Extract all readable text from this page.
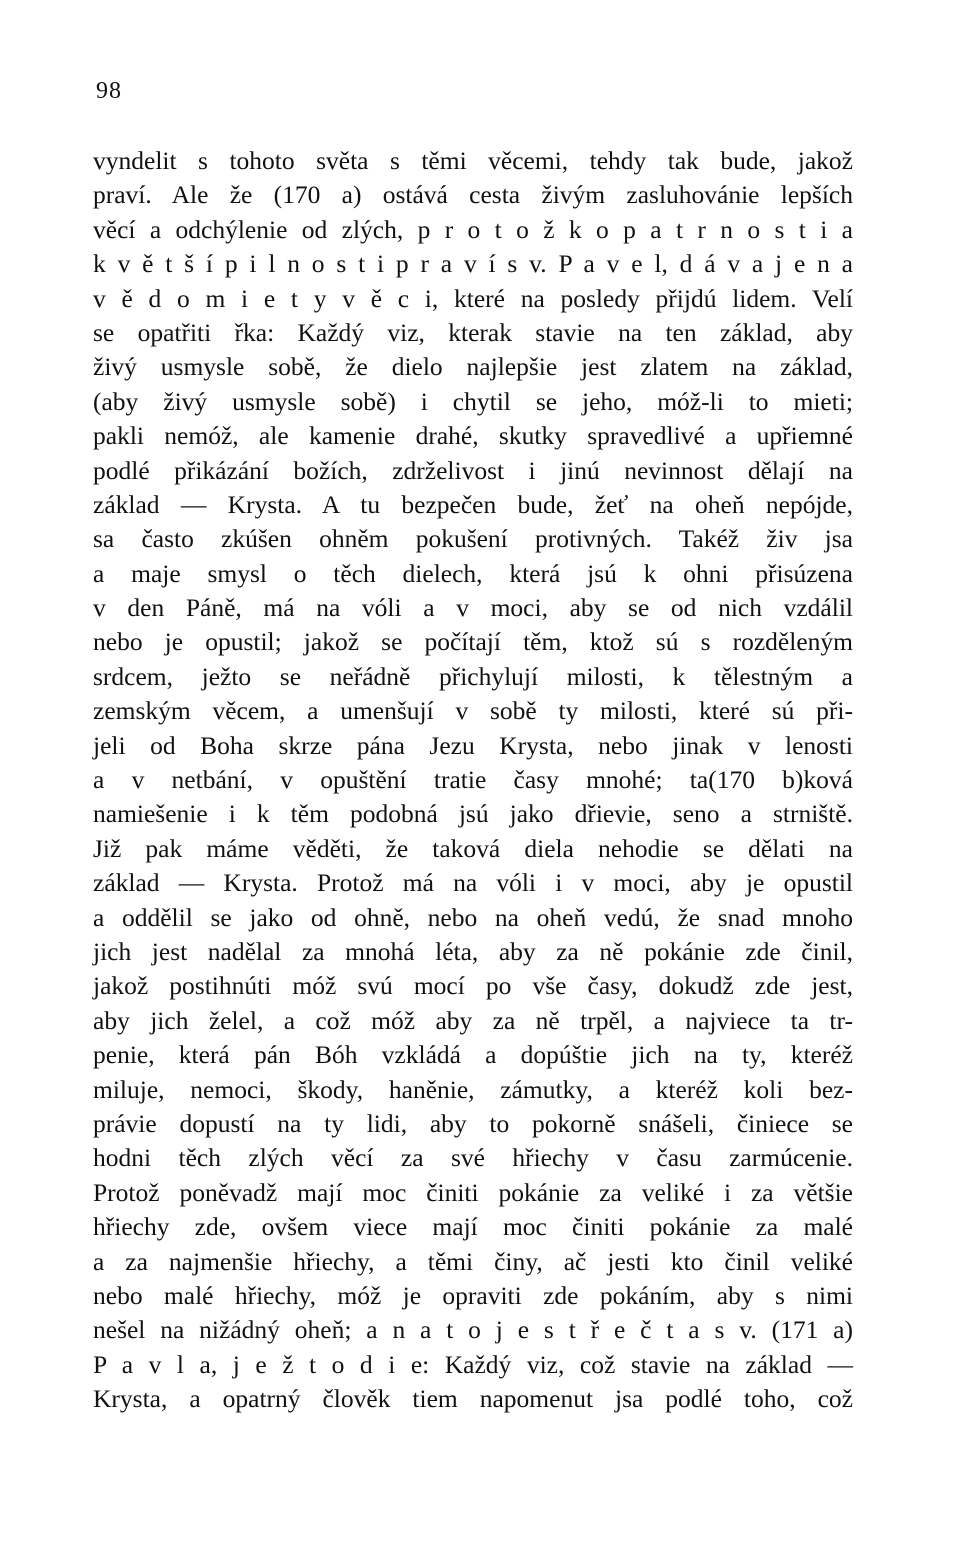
98
vyndelit s tohoto světa s těmi věcemi, tehdy tak bude, jakož
praví. Ale že (170 a) ostává cesta živým zasluhovánie lepších
věcí a odchýlenie od zlých, p r o t o ž k o p a t r n o s t i a
k v ě t š í p i l n o s t i p r a v í s v. P a v e l, d á v a j e n a
v ě d o m i e t y v ě c i, které na posledy přijdú lidem. Velí
se opatřiti řka: Každý viz, kterak stavie na ten základ, aby
živý usmysle sobě, že dielo najlepšie jest zlatem na základ,
(aby živý usmysle sobě) i chytil se jeho, móž-li to mieti;
pakli nemóž, ale kamenie drahé, skutky spravedlivé a upřiemné
podlé přikázání božích, zdrželivost i jinú nevinnost dělají na
základ — Krysta. A tu bezpečen bude, žeť na oheň nepójde,
sa často zkúšen ohněm pokušení protivných. Takéž živ jsa
a maje smysl o těch dielech, která jsú k ohni přisúzena
v den Páně, má na vóli a v moci, aby se od nich vzdálil
nebo je opustil; jakož se počítají těm, ktož sú s rozděleným
srdcem, ježto se neřádně přichylují milosti, k tělestným a
zemským věcem, a umenšují v sobě ty milosti, které sú při-
jeli od Boha skrze pána Jezu Krysta, nebo jinak v lenosti
a v netbání, v opuštění tratie časy mnohé; ta(170 b)ková
namiešenie i k těm podobná jsú jako dřievie, seno a strniště.
Již pak máme věděti, že taková diela nehodie se dělati na
základ — Krysta. Protož má na vóli i v moci, aby je opustil
a oddělil se jako od ohně, nebo na oheň vedú, že snad mnoho
jich jest nadělal za mnohá léta, aby za ně pokánie zde činil,
jakož postihnúti móž svú mocí po vše časy, dokudž zde jest,
aby jich želel, a což móž aby za ně trpěl, a najviece ta tr-
penie, která pán Bóh vzkládá a dopúštie jich na ty, kteréž
miluje, nemoci, škody, haněnie, zámutky, a kteréž koli bez-
právie dopustí na ty lidi, aby to pokorně snášeli, činiece se
hodni těch zlých věcí za své hřiechy v času zarmúcenie.
Protož poněvadž mají moc činiti pokánie za veliké i za většie
hřiechy zde, ovšem viece mají moc činiti pokánie za malé
a za najmenšie hřiechy, a těmi činy, ač jesti kto činil veliké
nebo malé hřiechy, móž je opraviti zde pokáním, aby s nimi
nešel na nižádný oheň; a n a t o j e s t ř e č t a s v. (171 a)
P a v l a, j e ž t o d i e: Každý viz, což stavie na základ —
Krysta, a opatrný člověk tiem napomenut jsa podlé toho, což
